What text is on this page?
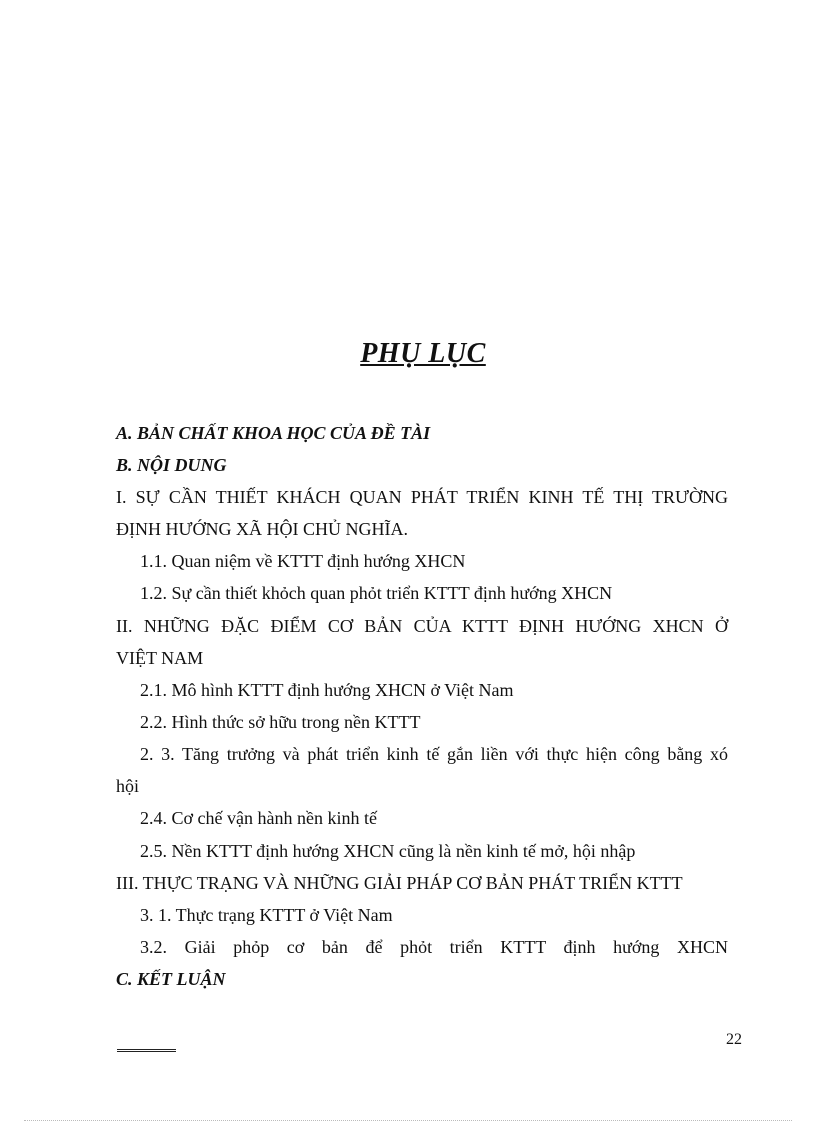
PHỤ LỤC
A. BẢN CHẤT KHOA HỌC CỦA ĐỀ TÀI
B. NỘI DUNG
I. SỰ CẦN THIẾT KHÁCH QUAN PHÁT TRIỂN KINH TẾ THỊ TRƯỜNG
ĐỊNH HƯỚNG XÃ HỘI CHỦ NGHĨA.
1.1. Quan niệm về KTTT định hướng XHCN
1.2. Sự cần thiết khỏch quan phỏt triển KTTT định hướng XHCN
II. NHỮNG ĐẶC ĐIỂM CƠ BẢN CỦA KTTT ĐỊNH HƯỚNG XHCN Ở
VIỆT NAM
2.1. Mô hình KTTT định hướng XHCN ở Việt Nam
2.2. Hình thức sở hữu trong nền KTTT
2. 3. Tăng trưởng và phát triển kinh tế gắn liền với thực hiện công bằng xó
hội
2.4. Cơ chế vận hành nền kinh tế
2.5. Nền KTTT định hướng XHCN cũng là nền kinh tế mở, hội nhập
III. THỰC TRẠNG VÀ NHỮNG GIẢI PHÁP CƠ BẢN PHÁT TRIỂN KTTT
3. 1. Thực trạng KTTT ở Việt Nam
3.2. Giải phỏp cơ bản để phỏt triển KTTT định hướng XHCN
C. KẾT LUẬN
22
